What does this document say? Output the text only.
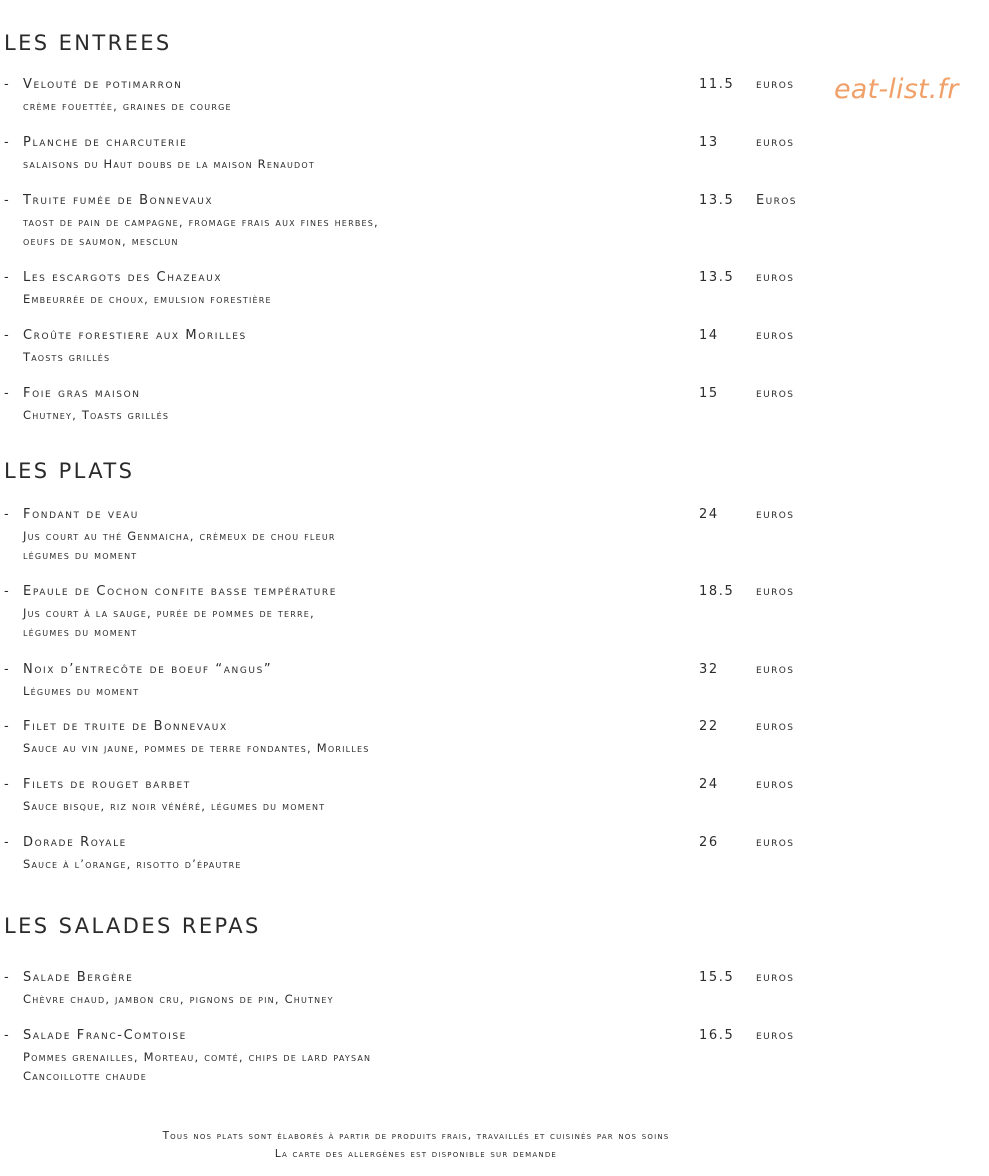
eat-list.fr
LES ENTREES
- Velouté de potimarron	11.5 euros
crème fouettée, graines de courge
- Planche de charcuterie	13	euros
salaisons du Haut doubs de la maison Renaudot
- Truite fumée de Bonnevaux	13.5 Euros
taost de pain de campagne, fromage frais aux fines herbes,
oeufs de saumon, mesclun
- Les escargots des Chazeaux	13.5 euros
Embeurrée de choux, emulsion forestière
- Croûte forestiere aux Morilles	14	euros
Taosts grillés
- Foie gras maison	15	euros
Chutney, Toasts grillés
LES PLATS
- Fondant de veau	24	euros
Jus court au thé Genmaicha, crèmeux de chou fleur
légumes du moment
- Epaule de Cochon confite basse température	18.5 euros
Jus court à la sauge, purée de pommes de terre,
légumes du moment
- Noix d’entrecôte de boeuf “angus”	32	euros
Légumes du moment
- Filet de truite de Bonnevaux	22	euros
Sauce au vin jaune, pommes de terre fondantes, Morilles
- Filets de rouget barbet	24	euros
Sauce bisque, riz noir vénéré, légumes du moment
- Dorade Royale	26	euros
Sauce à l’orange, risotto d’épautre
LES SALADES REPAS
- Salade Bergère	15.5 euros
Chèvre chaud, jambon cru, pignons de pin, Chutney
- Salade Franc-Comtoise	16.5 euros
Pommes grenailles, Morteau, comté, chips de lard paysan
Cancoillotte chaude
Tous nos plats sont élaborés à partir de produits frais, travaillés et cuisinés par nos soins
La carte des allergènes est disponible sur demande
